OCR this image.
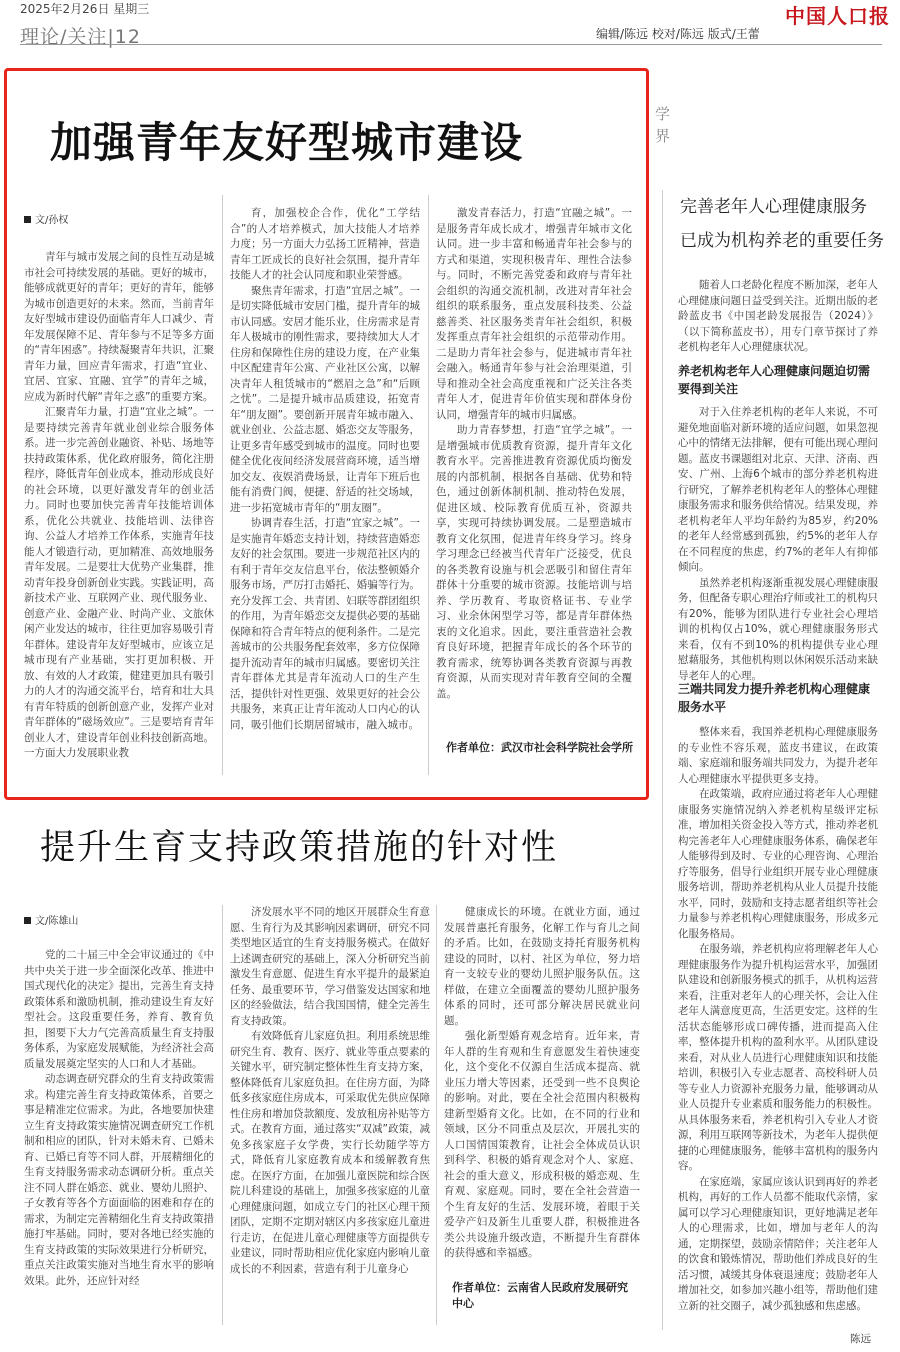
2025年2月26日 星期三
理论/关注|12	编辑/陈远 校对/陈远 版式/王蕾
中国人口报
加强青年友好型城市建设
文/孙权

青年与城市发展之间的良性互动是城市社会可持续发展的基础。更好的城市，能够成就更好的青年；更好的青年，能够为城市创造更好的未来。然而，当前青年友好型城市建设仍面临青年人口减少、青年发展保障不足、青年参与不足等多方面的“青年困惑”。持续凝聚青年共识，汇聚青年力量，回应青年需求，打造“宜业、宜居、宜家、宜融、宜学”的青年之城，应成为新时代解“青年之惑”的重要方案。

汇聚青年力量，打造“宜业之城”。一是要持续完善青年就业创业综合服务体系。进一步完善创业融资、补贴、场地等扶持政策体系，优化政府服务，简化注册程序，降低青年创业成本，推动形成良好的社会环境，以更好激发青年的创业活力。同时也要加快完善青年技能培训体系，优化公共就业、技能培训、法律咨询、公益人才培养工作体系，实施青年技能人才锻造行动，更加精准、高效地服务青年发展。二是要壮大优势产业集群，推动青年投身创新创业实践。实践证明，高新技术产业、互联网产业、现代服务业、创意产业、金融产业、时尚产业、文旅休闲产业发达的城市，往往更加容易吸引青年群体。建设青年友好型城市，应该立足城市现有产业基础，实打更加积极、开放、有效的人才政策，健建更加具有吸引力的人才的沟通交流平台，培育和壮大具有青年特质的创新创意产业，发挥产业对青年群体的“磁场效应”。三是要培育青年创业人才，建设青年创业科技创新高地。一方面大力发展职业教

育，加强校企合作，优化“工学结合”的人才培养模式，加大技能人才培养力度；另一方面大力弘扬工匠精神，营造青年工匠成长的良好社会氛围，提升青年技能人才的社会认同度和职业荣誉感。

聚焦青年需求，打造“宜居之城”。一是切实降低城市安居门槛，提升青年的城市认同感。安居才能乐业，住房需求是青年人极城市的刚性需求，要持续加大人才住房和保障性住房的建设力度，在产业集中区配建青年公寓、产业社区公寓，以解决青年人租赁城市的“燃眉之急”和“后顾之忧”。二是提升城市品质建设，拓宽青年“朋友圈”。要创新开展青年城市融入、就业创业、公益志愿、婚恋交友等服务，让更多青年感受到城市的温度。同时也要健全优化夜间经济发展营商环境，适当增加交友、夜娱消费场景，让青年下班后也能有消费门阀，便捷、舒适的社交场域，进一步拓宽城市青年的“朋友圈”。

协调青春生活，打造“宜家之城”。一是实施青年婚恋支持计划，持续营造婚恋友好的社会氛围。要进一步规范社区内的有利于青年交友信息平台，依法整顿婚介服务市场，严厉打击婚托、婚骗等行为。充分发挥工会、共青团、妇联等群团组织的作用，为青年婚恋交友提供必要的基础保障和符合青年特点的便利条件。二是完善城市的公共服务配套效率，多方位保障提升流动青年的城市归属感。要密切关注青年群体尤其是青年流动人口的生产生活，提供针对性更强、效果更好的社会公共服务，来真正让青年流动人口内心的认同，吸引他们长期居留城市，融入城市。

激发青春活力，打造“宜融之城”。一是服务青年成长成才，增强青年城市文化认同。进一步丰富和畅通青年社会参与的方式和渠道，实现积极青年、理性合法参与。同时，不断完善党委和政府与青年社会组织的沟通交流机制，改进对青年社会组织的联系服务，重点发展科技类、公益慈善类、社区服务类青年社会组织，积极发挥重点青年社会组织的示范带动作用。二是助力青年社会参与，促进城市青年社会融入。畅通青年参与社会治理渠道，引导和推动全社会高度重视和广泛关注各类青年人才，促进青年价值实现和群体身份认同，增强青年的城市归属感。

助力青春梦想，打造“宜学之城”。一是增强城市优质教育资源，提升青年文化教育水平。完善推进教育资源优质均衡发展的内部机制，根据各自基础、优势和特色，通过创新体制机制、推动特色发展，促进区域、校际教育优质互补，资源共享，实现可持续协调发展。二是塑造城市教育文化氛围，促进青年终身学习。终身学习理念已经被当代青年广泛接受，优良的各类教育设施与机会恶吸引和留住青年群体十分重要的城市资源。技能培训与培养、学历教育、考取资格证书、专业学习、业余休闲型学习等，都是青年群体热衷的文化追求。因此，要注重营造社会教育良好环境，把握青年成长的各个环节的教育需求，统筹协调各类教育资源与再教育资源，从而实现对青年教育空间的全覆盖。

作者单位：武汉市社会科学院社会学所
学界
完善老年人心理健康服务
已成为机构养老的重要任务

随着人口老龄化程度不断加深，老年人心理健康问题日益受到关注。近期出版的老龄蓝皮书《中国老龄发展报告（2024）》（以下简称蓝皮书），用专门章节探讨了养老机构老年人心理健康状况。

养老机构老年人心理健康问题迫切需要得到关注

对于入住养老机构的老年人来说，不可避免地面临对新环境的适应问题，如果忽视心中的情绪无法排解，便有可能出现心理问题。蓝皮书课题组对北京、天津、济南、西安、广州、上海6个城市的部分养老机构进行研究，了解养老机构老年人的整体心理健康服务需求和服务供给情况。结果发现，养老机构老年人平均年龄约为85岁，约20%的老年人经常感到孤独，约5%的老年人存在不同程度的焦虑，约7%的老年人有抑郁倾向。

虽然养老机构逐渐重视发展心理健康服务，但配备专职心理治疗师或社工的机构只有20%，能够为团队进行专业社会心理培训的机构仅占10%，就心理健康服务形式来看，仅有不到10%的机构提供专业心理慰藉服务，其他机构则以休闲娱乐活动来缺导老年人的心理。

三端共同发力提升养老机构心理健康服务水平

整体来看，我国养老机构心理健康服务的专业性不容乐观，蓝皮书建议，在政策端、家庭端和服务端共同发力，为提升老年人心理健康水平提供更多支持。

在政策端，政府应通过将老年人心理健康服务实施情况纳入养老机构星级评定标准，增加相关资金投入等方式，推动养老机构完善老年人心理健康服务体系，确保老年人能够得到及时、专业的心理咨询、心理治疗等服务，倡导行业组织开展专业心理健康服务培训，帮助养老机构从业人员提升技能水平，同时，鼓励和支持志愿者组织等社会力量参与养老机构心理健康服务，形成多元化服务格局。

在服务端，养老机构应将理解老年人心理健康服务作为提升机构运营水平，加强团队建设和创新服务模式的抓手，从机构运营来看，注重对老年人的心理关怀，会让入住老年人满意度更高，生活更安定。这样的生活状态能够形成口碑传播，进而提高入住率，整体提升机构的盈利水平。从团队建设来看，对从业人员进行心理健康知识和技能培训，积极引入专业志愿者、高校科研人员等专业人力资源补充服务力量，能够调动从业人员提升专业素质和服务能力的积极性。从具体服务来看，养老机构引入专业人才资源，利用互联网等新技术，为老年人提供便捷的心理健康服务，能够丰富机构的服务内容。

在家庭端，家属应该认识到再好的养老机构，再好的工作人员都不能取代亲情，家属可以学习心理健康知识，更好地满足老年人的心理需求，比如，增加与老年人的沟通，定期探望，鼓励亲情陪伴；关注老年人的饮食和锻炼情况，帮助他们养成良好的生活习惯，减缓其身体衰退速度；鼓励老年人增加社交，如参加兴趣小组等，帮助他们建立新的社交圈子，减少孤独感和焦虑感。

陈远
提升生育支持政策措施的针对性
文/陈雄山

党的二十届三中全会审议通过的《中共中央关于进一步全面深化改革、推进中国式现代化的决定》提出，完善生育支持政策体系和激励机制，推动建设生育友好型社会。这段重要任务，养育、教育负担，图要下大力气完善高质量生育支持服务体系，为家庭发展赋能，为经济社会高质量发展奠定坚实的人口和人才基础。

动态调查研究群众的生育支持政策需求。构建完善生育支持政策体系，首要之事是精准定位需求。为此，各地要加快建立生育支持政策实施情况调查研究工作机制和相应的团队，针对未婚未育、已婚未育、已婚已育等不同人群，开展精细化的生育支持服务需求动态调研分析。重点关注不同人群在婚恋、就业、婴幼儿照护、子女教育等各个方面面临的困难和存在的需求，为制定完善精细化生育支持政策措施打牢基础。同时，要对各地已经实施的生育支持政策的实际效果进行分析研究，重点关注政策实施对当地生育水平的影响效果。此外，还应针对经

济发展水平不同的地区开展群众生育意愿、生育行为及其影响因素调研，研究不同类型地区适宜的生育支持服务模式。在做好上述调查研究的基础上，深入分析研究当前激发生育意愿、促进生育水平提升的最紧迫任务、最重要环节，学习借鉴发达国家和地区的经验做法，结合我国国情，健全完善生育支持政策。

有效降低育儿家庭负担。利用系统思维研究生育、教育、医疗、就业等重点要素的关键水平，研究制定整体性生育支持方案，整体降低育儿家庭负担。在住房方面，为降低多孩家庭住房成本，可采取优先供应保障性住房和增加贷款额度、发放租房补贴等方式。在教育方面，通过落实“双减”政策，减免多孩家庭子女学费，实行长幼随学等方式，降低育儿家庭教育成本和缓解教育焦虑。在医疗方面，在加强儿童医院和综合医院儿科建设的基础上，加强多孩家庭的儿童心理健康问题，如成立专门的社区心理干预团队，定期不定期对辖区内多孩家庭儿童进行走访，在促进儿童心理健康等方面提供专业建议，同时帮助相应优化家庭内影响儿童成长的不利因素，营造有利于儿童身心

健康成长的环境。在就业方面，通过发展普惠托育服务，化解工作与育儿之间的矛盾。比如，在鼓励支持托育服务机构建设的同时，以村、社区为单位，努力培育一支较专业的婴幼儿照护服务队伍。这样做，在建立全面覆盖的婴幼儿照护服务体系的同时，还可部分解决居民就业问题。

强化新型婚育观念培育。近年来，青年人群的生育观和生育意愿发生着快速变化，这个变化不仅源自生活成本提高、就业压力增大等因素，还受到一些不良舆论的影响。对此，要在全社会范围内积极构建新型婚育文化。比如，在不同的行业和领域，区分不同重点及层次，开展扎实的人口国情国策教育，让社会全体成员认识到科学、积极的婚育观念对个人、家庭、社会的重大意义，形成积极的婚恋观、生育观、家庭观。同时，要在全社会营造一个生育友好的生活、发展环境，着眼于关爱孕产妇及新生儿重要人群，积极推进各类公共设施升级改造，不断提升生育群体的获得感和幸福感。

作者单位：云南省人民政府发展研究中心
